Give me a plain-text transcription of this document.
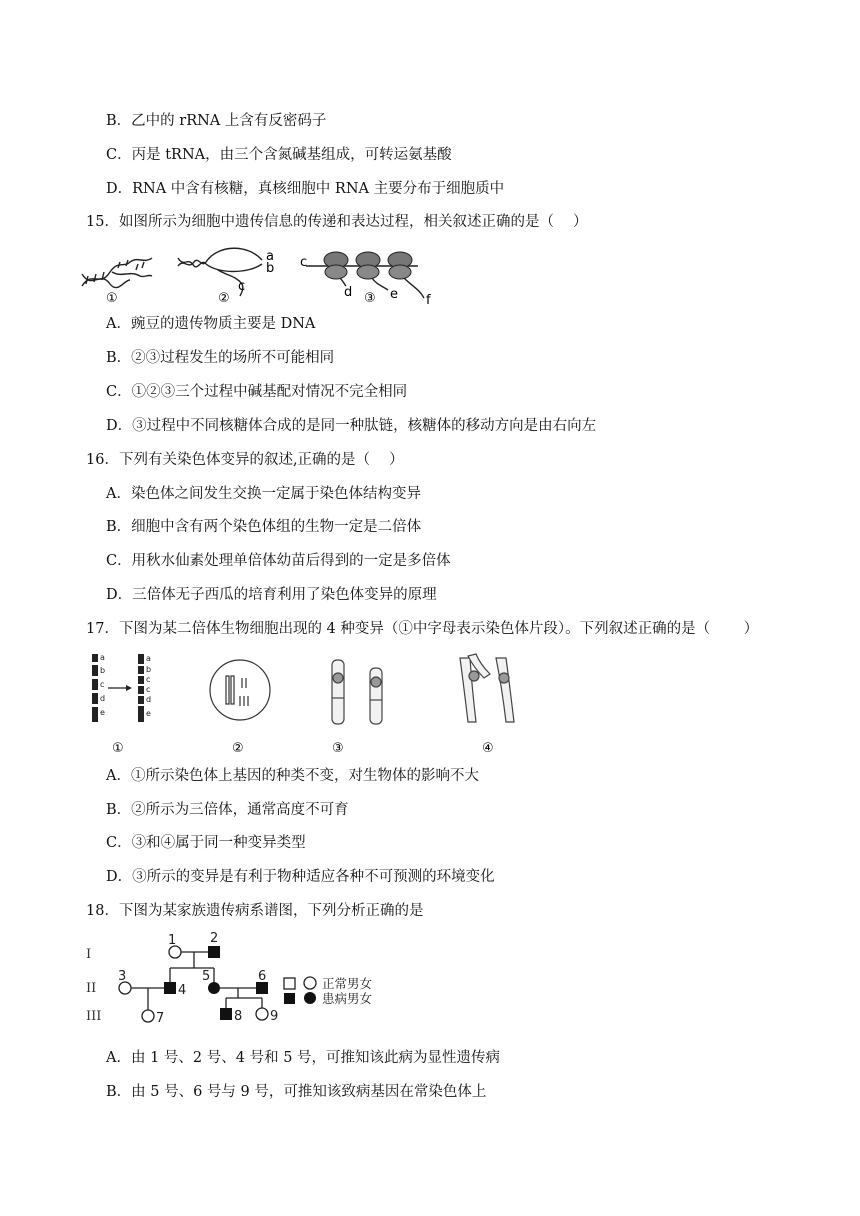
B．乙中的 rRNA 上含有反密码子
C．丙是 tRNA，由三个含氮碱基组成，可转运氨基酸
D．RNA 中含有核糖，真核细胞中 RNA 主要分布于细胞质中
15．如图所示为细胞中遗传信息的传递和表达过程，相关叙述正确的是（　 ）
①
a
b
c
②
c
d	e f
③
A．豌豆的遗传物质主要是 DNA
B．②③过程发生的场所不可能相同
C．①②③三个过程中碱基配对情况不完全相同
D．③过程中不同核糖体合成的是同一种肽链，核糖体的移动方向是由右向左
16．下列有关染色体变异的叙述,正确的是（　 ）
A．染色体之间发生交换一定属于染色体结构变异
B．细胞中含有两个染色体组的生物一定是二倍体
C．用秋水仙素处理单倍体幼苗后得到的一定是多倍体
D．三倍体无子西瓜的培育利用了染色体变异的原理
17．下图为某二倍体生物细胞出现的 4 种变异（①中字母表示染色体片段）。下列叙述正确的是（　　 ）
a
b
c
d
e
a
b
c
c
d
e
①	②	③	④
A．①所示染色体上基因的种类不变，对生物体的影响不大
B．②所示为三倍体，通常高度不可育
C．③和④属于同一种变异类型
D．③所示的变异是有利于物种适应各种不可预测的环境变化
18．下图为某家族遗传病系谱图，下列分析正确的是
I
II
III
1	2
3
4
5	6
7	8 9
正常男女
患病男女
A．由 1 号、2 号、4 号和 5 号，可推知该此病为显性遗传病
B．由 5 号、6 号与 9 号，可推知该致病基因在常染色体上
